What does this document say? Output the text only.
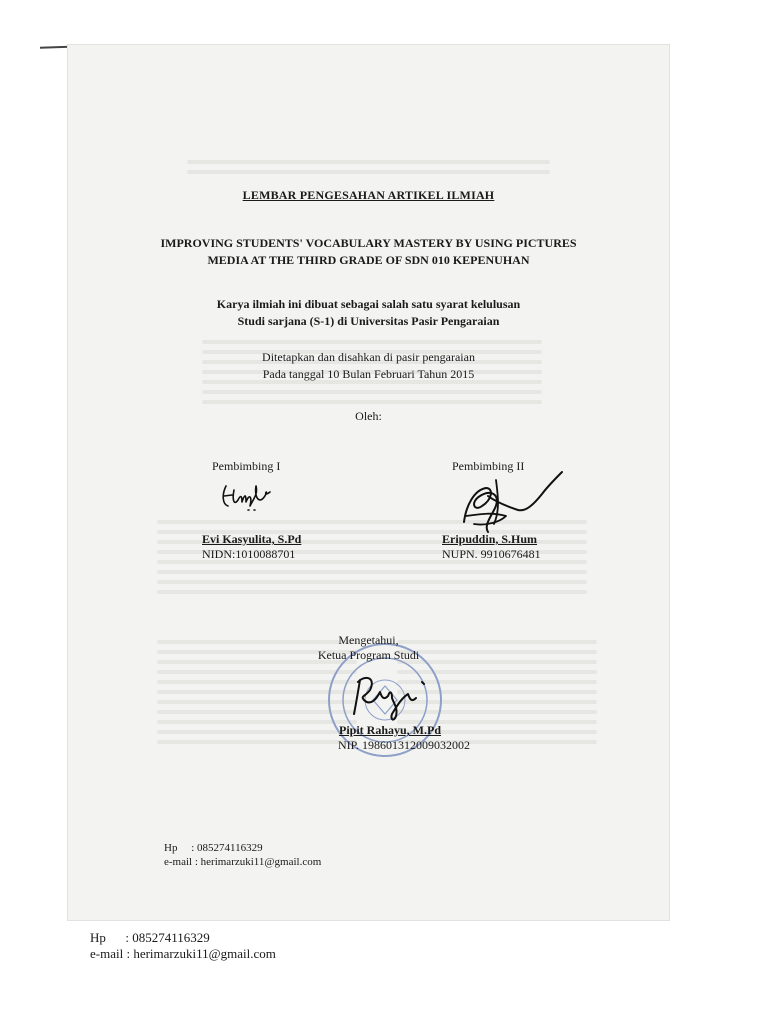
LEMBAR PENGESAHAN ARTIKEL ILMIAH
IMPROVING STUDENTS' VOCABULARY MASTERY BY USING PICTURES
MEDIA AT THE THIRD GRADE OF SDN 010 KEPENUHAN
Karya ilmiah ini dibuat sebagai salah satu syarat kelulusan
Studi sarjana (S-1) di Universitas Pasir Pengaraian
Ditetapkan dan disahkan di pasir pengaraian
Pada tanggal 10 Bulan Februari Tahun 2015
Oleh:
Pembimbing I
Evi Kasyulita, S.Pd
NIDN:1010088701
Pembimbing II
Eripuddin, S.Hum
NUPN. 9910676481
Mengetahui,
Ketua Program Studi
Pipit Rahayu, M.Pd
NIP. 198601312009032002
Hp     : 085274116329
e-mail : herimarzuki11@gmail.com
Hp      : 085274116329
e-mail : herimarzuki11@gmail.com
